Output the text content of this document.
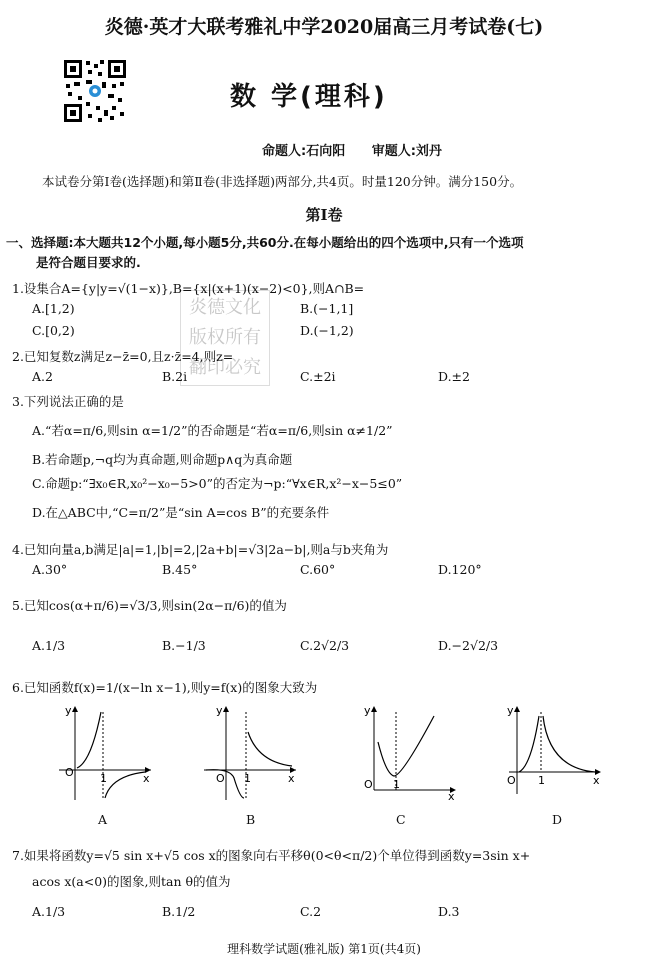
炎德·英才大联考雅礼中学2020届高三月考试卷(七)
数 学(理科)
命题人:石向阳 审题人:刘丹
本试卷分第Ⅰ卷(选择题)和第Ⅱ卷(非选择题)两部分,共4页。时量120分钟。满分150分。
第Ⅰ卷
一、选择题:本大题共12个小题,每小题5分,共60分.在每小题给出的四个选项中,只有一个选项
是符合题目要求的.
炎德文化
版权所有
翻印必究
1.设集合A={y|y=√(1−x)},B={x|(x+1)(x−2)<0},则A∩B=
A.[1,2)	B.(−1,1]
C.[0,2)	D.(−1,2)
2.已知复数z满足z−z̄=0,且z·z̄=4,则z=
A.2	B.2i	C.±2i	D.±2
3.下列说法正确的是
A.“若α=π/6,则sin α=1/2”的否命题是“若α=π/6,则sin α≠1/2”
B.若命题p,¬q均为真命题,则命题p∧q为真命题
C.命题p:“∃x₀∈R,x₀²−x₀−5>0”的否定为¬p:“∀x∈R,x²−x−5≤0”
D.在△ABC中,“C=π/2”是“sin A=cos B”的充要条件
4.已知向量a,b满足|a|=1,|b|=2,|2a+b|=√3|2a−b|,则a与b夹角为
A.30°	B.45°	C.60°	D.120°
5.已知cos(α+π/6)=√3/3,则sin(2α−π/6)的值为
A.1/3	B.−1/3	C.2√2/3	D.−2√2/3
6.已知函数f(x)=1/(x−ln x−1),则y=f(x)的图象大致为
y
O 1	x
A
y
O 1	x
B
y
O 1
x
C
y
O 1	x
D
7.如果将函数y=√5 sin x+√5 cos x的图象向右平移θ(0<θ<π/2)个单位得到函数y=3sin x+
acos x(a<0)的图象,则tan θ的值为
A.1/3	B.1/2	C.2	D.3
理科数学试题(雅礼版) 第1页(共4页)
